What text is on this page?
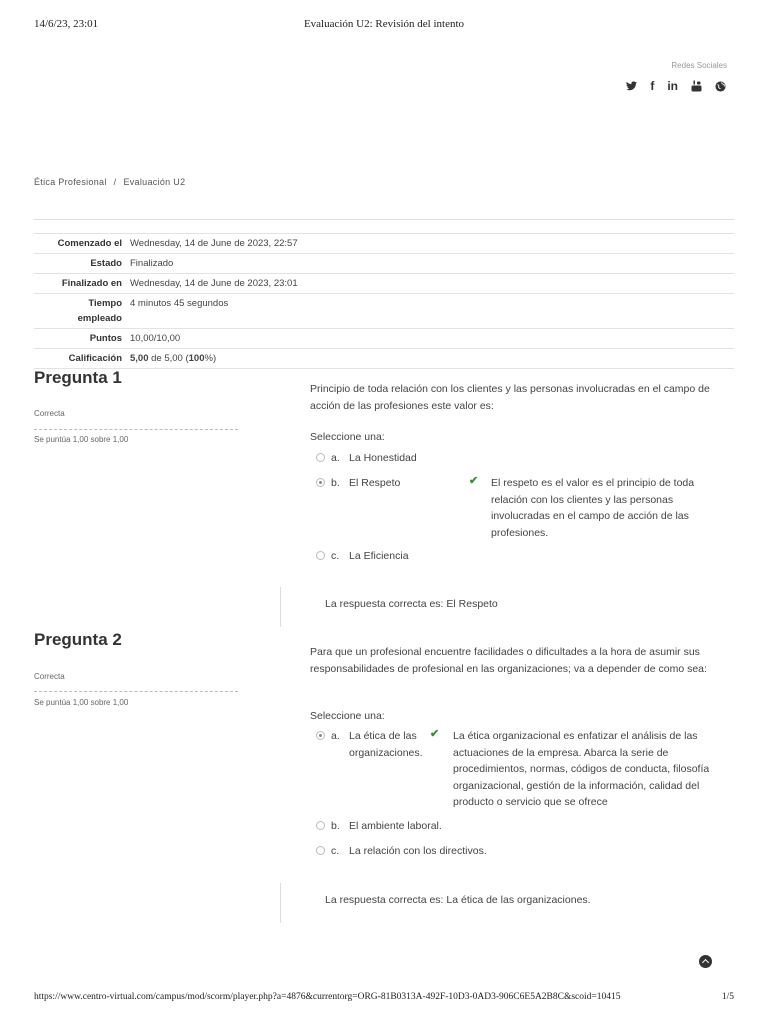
14/6/23, 23:01	Evaluación U2: Revisión del intento
Redes Sociales
f in
Ética Profesional / Evaluación U2
Comenzado el	Wednesday, 14 de June de 2023, 22:57
Estado	Finalizado
Finalizado en	Wednesday, 14 de June de 2023, 23:01
Tiempo empleado	4 minutos 45 segundos
Puntos	10,00/10,00
Calificación	5,00 de 5,00 (100%)
Pregunta 1
Correcta
Se puntúa 1,00 sobre 1,00
Principio de toda relación con los clientes y las personas involucradas en el campo de acción de las profesiones este valor es:
Seleccione una:
a. La Honestidad
b. El Respeto	✔ El respeto es el valor es el principio de toda relación con los clientes y las personas involucradas en el campo de acción de las profesiones.
c. La Eficiencia
La respuesta correcta es: El Respeto
Pregunta 2
Correcta
Se puntúa 1,00 sobre 1,00
Para que un profesional encuentre facilidades o dificultades a la hora de asumir sus responsabilidades de profesional en las organizaciones; va a depender de como sea:
Seleccione una:
a. La ética de las organizaciones.
✔ La ética organizacional es enfatizar el análisis de las actuaciones de la empresa. Abarca la serie de procedimientos, normas, códigos de conducta, filosofía organizacional, gestión de la información, calidad del producto o servicio que se ofrece
b. El ambiente laboral.
c. La relación con los directivos.
La respuesta correcta es: La ética de las organizaciones.
https://www.centro-virtual.com/campus/mod/scorm/player.php?a=4876&currentorg=ORG-81B0313A-492F-10D3-0AD3-906C6E5A2B8C&scoid=10415	1/5
